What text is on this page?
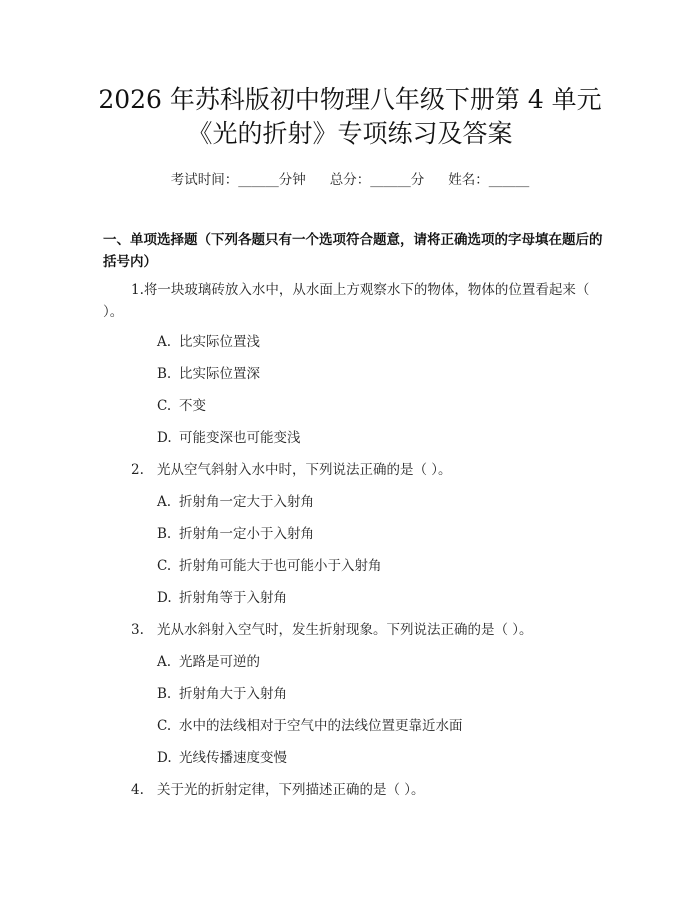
2026 年苏科版初中物理八年级下册第 4 单元
《光的折射》专项练习及答案
考试时间：______分钟 总分：______分 姓名：______

一、单项选择题（下列各题只有一个选项符合题意，请将正确选项的字母填在题后的括号内）

1.将一块玻璃砖放入水中，从水面上方观察水下的物体，物体的位置看起来（ ）。
A. 比实际位置浅
B. 比实际位置深
C. 不变
D. 可能变深也可能变浅
2. 光从空气斜射入水中时，下列说法正确的是（ ）。
A. 折射角一定大于入射角
B. 折射角一定小于入射角
C. 折射角可能大于也可能小于入射角
D. 折射角等于入射角
3. 光从水斜射入空气时，发生折射现象。下列说法正确的是（ ）。
A. 光路是可逆的
B. 折射角大于入射角
C. 水中的法线相对于空气中的法线位置更靠近水面
D. 光线传播速度变慢
4. 关于光的折射定律，下列描述正确的是（ ）。
